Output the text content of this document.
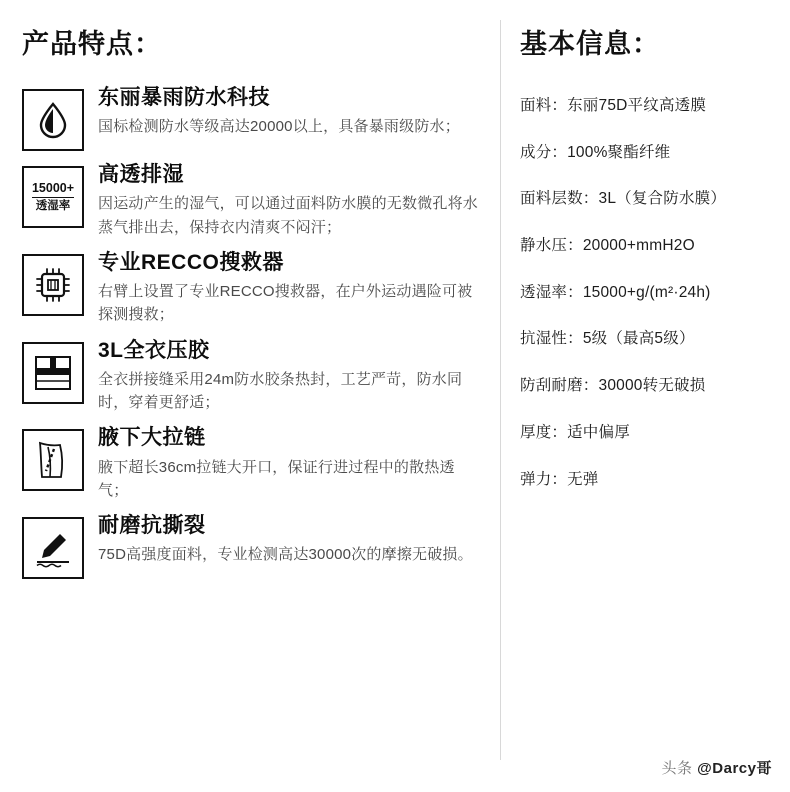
产品特点：
东丽暴雨防水科技
国标检测防水等级高达20000以上，具备暴雨级防水；
15000+
透湿率
高透排湿
因运动产生的湿气，可以通过面料防水膜的无数微孔将水蒸气排出去，保持衣内清爽不闷汗；
专业RECCO搜救器
右臂上设置了专业RECCO搜救器，在户外运动遇险可被探测搜救；
3L全衣压胶
全衣拼接缝采用24m防水胶条热封，工艺严苛，防水同时，穿着更舒适；
腋下大拉链
腋下超长36cm拉链大开口，保证行进过程中的散热透气；
耐磨抗撕裂
75D高强度面料，专业检测高达30000次的摩擦无破损。
基本信息：
面料：东丽75D平纹高透膜
成分：100%聚酯纤维
面料层数：3L（复合防水膜）
静水压：20000+mmH2O
透湿率：15000+g/(m²·24h)
抗湿性：5级（最高5级）
防刮耐磨：30000转无破损
厚度：适中偏厚
弹力：无弹
头条 @Darcy哥
